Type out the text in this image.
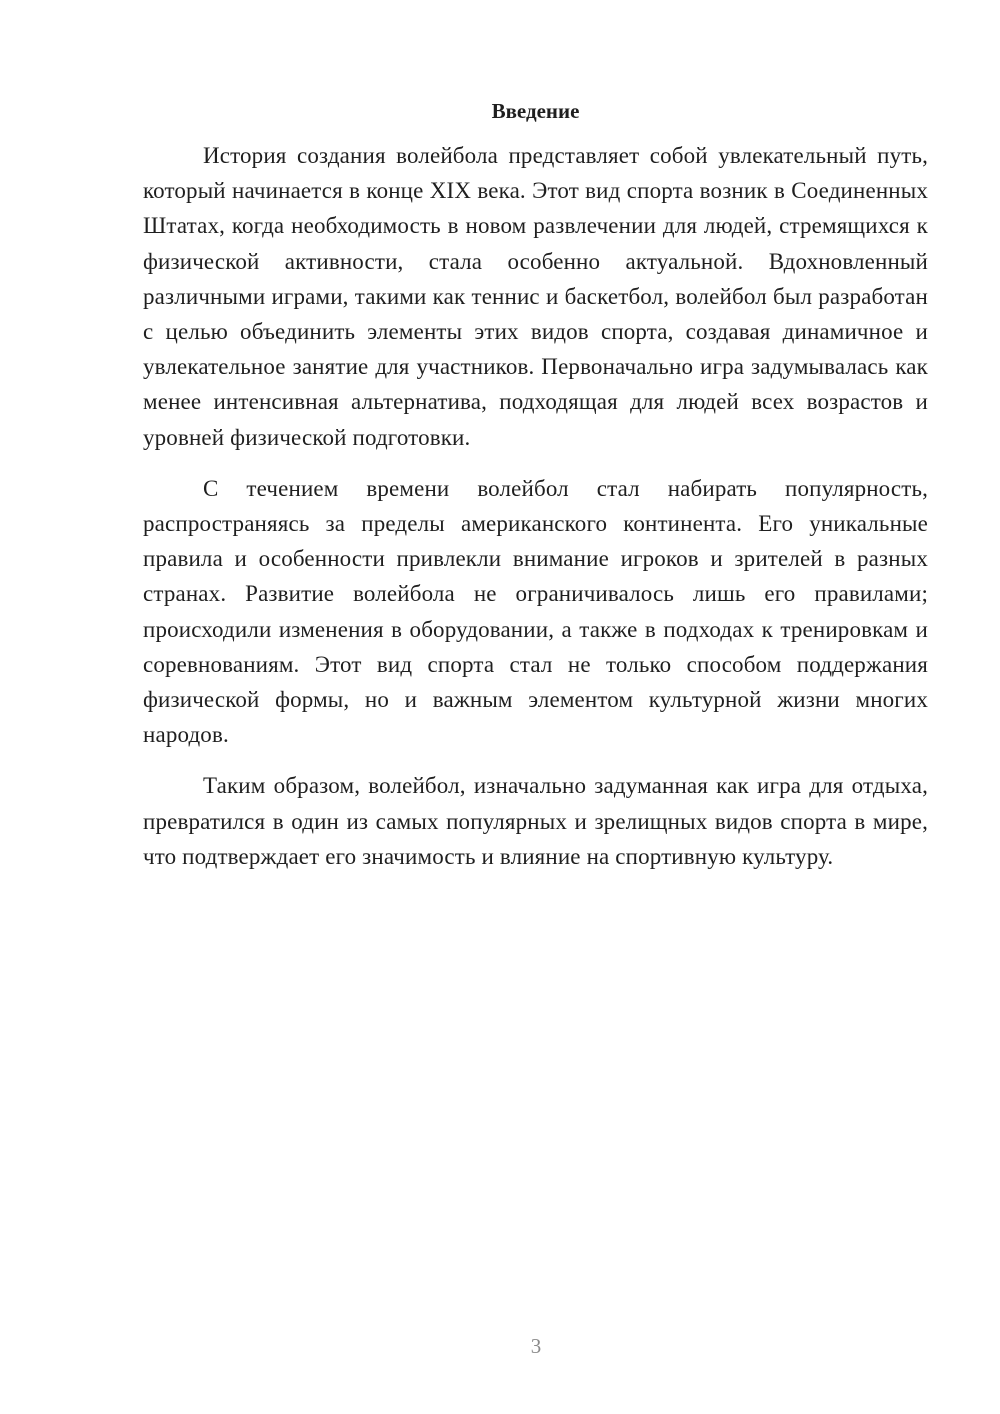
Введение

История создания волейбола представляет собой увлекательный путь, который начинается в конце XIX века. Этот вид спорта возник в Соединенных Штатах, когда необходимость в новом развлечении для людей, стремящихся к физической активности, стала особенно актуальной. Вдохновленный различными играми, такими как теннис и баскетбол, волейбол был разработан с целью объединить элементы этих видов спорта, создавая динамичное и увлекательное занятие для участников. Первоначально игра задумывалась как менее интенсивная альтернатива, подходящая для людей всех возрастов и уровней физической подготовки.

С течением времени волейбол стал набирать популярность, распространяясь за пределы американского континента. Его уникальные правила и особенности привлекли внимание игроков и зрителей в разных странах. Развитие волейбола не ограничивалось лишь его правилами; происходили изменения в оборудовании, а также в подходах к тренировкам и соревнованиям. Этот вид спорта стал не только способом поддержания физической формы, но и важным элементом культурной жизни многих народов.

Таким образом, волейбол, изначально задуманная как игра для отдыха, превратился в один из самых популярных и зрелищных видов спорта в мире, что подтверждает его значимость и влияние на спортивную культуру.

3
